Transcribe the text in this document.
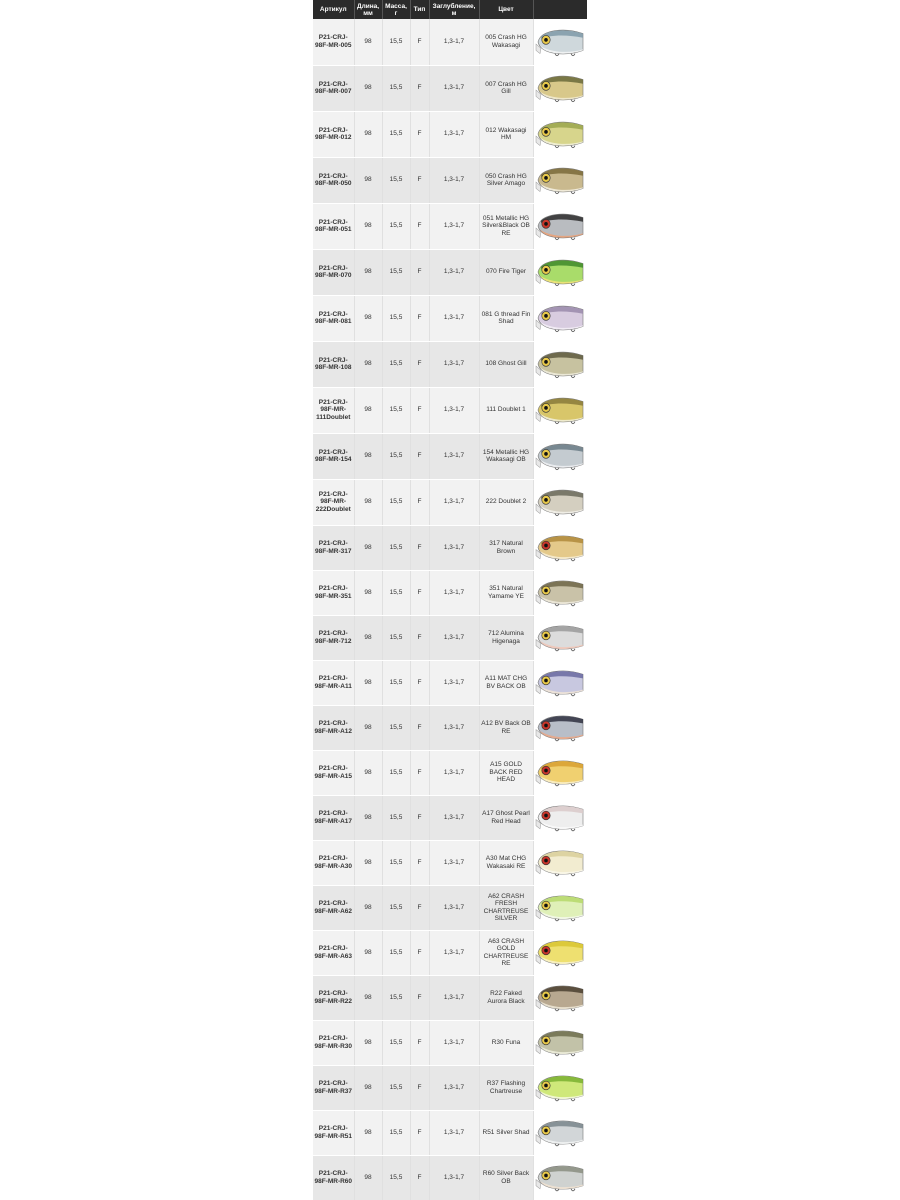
Артикул	Длина, мм	Масса, г	Тип	Заглубление, м	Цвет	
P21-CRJ-98F-MR-005	98	15,5	F	1,3-1,7	005 Crash HG Wakasagi	

P21-CRJ-98F-MR-007	98	15,5	F	1,3-1,7	007 Crash HG Gill	

P21-CRJ-98F-MR-012	98	15,5	F	1,3-1,7	012 Wakasagi HM	

P21-CRJ-98F-MR-050	98	15,5	F	1,3-1,7	050 Crash HG Silver Amago	

P21-CRJ-98F-MR-051	98	15,5	F	1,3-1,7	051 Metallic HG Silver&Black OB RE	

P21-CRJ-98F-MR-070	98	15,5	F	1,3-1,7	070 Fire Tiger	

P21-CRJ-98F-MR-081	98	15,5	F	1,3-1,7	081 G thread Fin Shad	

P21-CRJ-98F-MR-108	98	15,5	F	1,3-1,7	108 Ghost Gill	

P21-CRJ-98F-MR-111Doublet	98	15,5	F	1,3-1,7	111 Doublet 1	

P21-CRJ-98F-MR-154	98	15,5	F	1,3-1,7	154 Metallic HG Wakasagi OB	

P21-CRJ-98F-MR-222Doublet	98	15,5	F	1,3-1,7	222 Doublet 2	

P21-CRJ-98F-MR-317	98	15,5	F	1,3-1,7	317 Natural Brown	

P21-CRJ-98F-MR-351	98	15,5	F	1,3-1,7	351 Natural Yamame YE	

P21-CRJ-98F-MR-712	98	15,5	F	1,3-1,7	712 Alumina Higenaga	

P21-CRJ-98F-MR-A11	98	15,5	F	1,3-1,7	A11 MAT CHG BV BACK OB	

P21-CRJ-98F-MR-A12	98	15,5	F	1,3-1,7	A12 BV Back OB RE	

P21-CRJ-98F-MR-A15	98	15,5	F	1,3-1,7	A15 GOLD BACK RED HEAD	

P21-CRJ-98F-MR-A17	98	15,5	F	1,3-1,7	A17 Ghost Pearl Red Head	

P21-CRJ-98F-MR-A30	98	15,5	F	1,3-1,7	A30 Mat CHG Wakasaki RE	

P21-CRJ-98F-MR-A62	98	15,5	F	1,3-1,7	A62 CRASH FRESH CHARTREUSE SILVER	

P21-CRJ-98F-MR-A63	98	15,5	F	1,3-1,7	A63 CRASH GOLD CHARTREUSE RE	

P21-CRJ-98F-MR-R22	98	15,5	F	1,3-1,7	R22 Faked Aurora Black	

P21-CRJ-98F-MR-R30	98	15,5	F	1,3-1,7	R30 Funa	

P21-CRJ-98F-MR-R37	98	15,5	F	1,3-1,7	R37 Flashing Chartreuse	

P21-CRJ-98F-MR-R51	98	15,5	F	1,3-1,7	R51 Silver Shad	

P21-CRJ-98F-MR-R60	98	15,5	F	1,3-1,7	R60 Silver Back OB	
